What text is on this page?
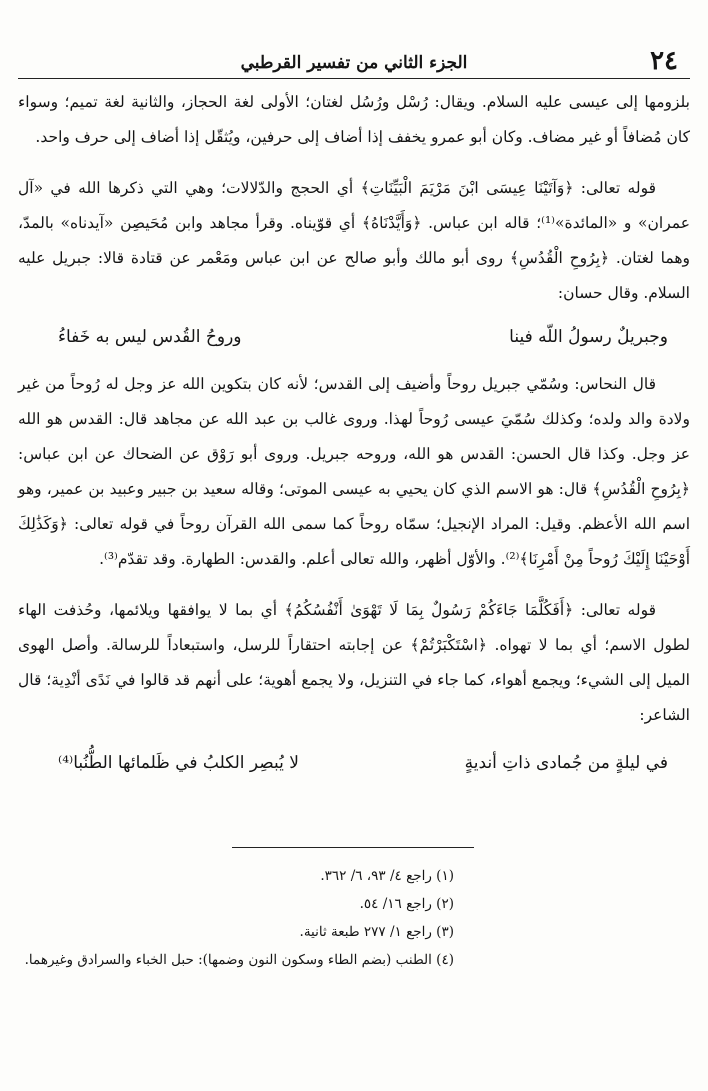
٢٤
الجزء الثاني من تفسير القرطبي

بلزومها إلى عيسى عليه السلام. ويقال: رُسْل ورُسُل لغتان؛ الأولى لغة الحجاز، والثانية لغة تميم؛ وسواء كان مُضافاً أو غير مضاف. وكان أبو عمرو يخفف إذا أضاف إلى حرفين، ويُثقّل إذا أضاف إلى حرف واحد.

قوله تعالى: ﴿وَآتَيْنَا عِيسَى ابْنَ مَرْيَمَ الْبَيِّنَاتِ﴾ أي الحجج والدّلالات؛ وهي التي ذكرها الله في «آل عمران» و «المائدة»⁽¹⁾؛ قاله ابن عباس. ﴿وَأَيَّدْنَاهُ﴾ أي قوّيناه. وقرأ مجاهد وابن مُحَيصِن «آيدناه» بالمدّ، وهما لغتان. ﴿بِرُوحِ الْقُدُسِ﴾ روى أبو مالك وأبو صالح عن ابن عباس ومَعْمر عن قتادة قالا: جبريل عليه السلام. وقال حسان:

وجبريلٌ رسولُ اللّه فينا
وروحُ القُدس ليس به خَفاءُ

قال النحاس: وسُمّي جبريل روحاً وأضيف إلى القدس؛ لأنه كان بتكوين الله عز وجل له رُوحاً من غير ولادة والد ولده؛ وكذلك سُمّيَ عيسى رُوحاً لهذا. وروى غالب بن عبد الله عن مجاهد قال: القدس هو الله عز وجل. وكذا قال الحسن: القدس هو الله، وروحه جبريل. وروى أبو رَوْق عن الضحاك عن ابن عباس: ﴿بِرُوحِ الْقُدُسِ﴾ قال: هو الاسم الذي كان يحيي به عيسى الموتى؛ وقاله سعيد بن جبير وعبيد بن عمير، وهو اسم الله الأعظم. وقيل: المراد الإنجيل؛ سمّاه روحاً كما سمى الله القرآن روحاً في قوله تعالى: ﴿وَكَذَٰلِكَ أَوْحَيْنَا إِلَيْكَ رُوحاً مِنْ أَمْرِنَا﴾⁽²⁾. والأوّل أظهر، والله تعالى أعلم. والقدس: الطهارة. وقد تقدّم⁽³⁾.

قوله تعالى: ﴿أَفَكُلَّمَا جَاءَكُمْ رَسُولٌ بِمَا لَا تَهْوَىٰ أَنْفُسُكُمُ﴾ أي بما لا يوافقها ويلائمها، وحُذفت الهاء لطول الاسم؛ أي بما لا تهواه. ﴿اسْتَكْبَرْتُمْ﴾ عن إجابته احتقاراً للرسل، واستبعاداً للرسالة. وأصل الهوى الميل إلى الشيء؛ ويجمع أهواء، كما جاء في التنزيل، ولا يجمع أهوية؛ على أنهم قد قالوا في نَدًى أنْدِية؛ قال الشاعر:

في ليلةٍ من جُمادى ذاتِ أنديةٍ
لا يُبصِر الكلبُ في ظَلمائها الطُّنُبا⁽⁴⁾

(١) راجع ٤/ ٩٣، ٦/ ٣٦٢.

(٢) راجع ١٦/ ٥٤.

(٣) راجع ١/ ٢٧٧ طبعة ثانية.

(٤) الطنب (بضم الطاء وسكون النون وضمها): حبل الخباء والسرادق وغيرهما.
